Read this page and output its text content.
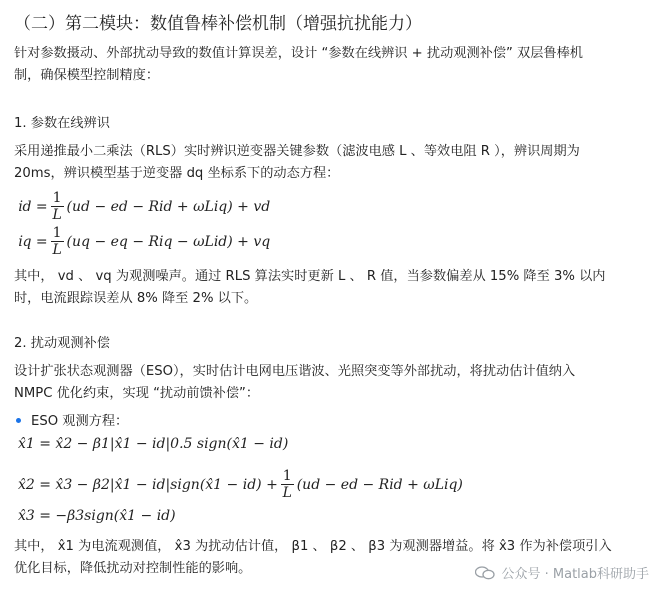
（二）第二模块：数值鲁棒补偿机制（增强抗扰能力）
针对参数摄动、外部扰动导致的数值计算误差，设计 “参数在线辨识 + 扰动观测补偿” 双层鲁棒机
制，确保模型控制精度：
1. 参数在线辨识
采用递推最小二乘法（RLS）实时辨识逆变器关键参数（滤波电感 L 、等效电阻 R ），辨识周期为
20ms，辨识模型基于逆变器 dq 坐标系下的动态方程：
i̇d = $\frac{1}{L} (ud$ − ed − Rid + ωLiq) + vd
i̇q = $\frac{1}{L} (uq$ − eq − Riq − ωLid) + vq
其中， vd 、 vq 为观测噪声。通过 RLS 算法实时更新 L 、 R 值，当参数偏差从 15% 降至 3% 以内
时，电流跟踪误差从 8% 降至 2% 以下。
2. 扰动观测补偿
设计扩张状态观测器（ESO），实时估计电网电压谐波、光照突变等外部扰动，将扰动估计值纳入
NMPC 优化约束，实现 “扰动前馈补偿”：
ESO 观测方程：
x̂1 = x̂2 − β1|x̂1 − id|0.5 sign(x̂1 − id)
x̂2 = x̂3 − β2|x̂1 − id|sign(x̂1 − $id) + \frac{1}{L} (ud$ − ed − Rid + ωLiq)
x̂3 = −β3sign(x̂1 − id)
其中， x̂1 为电流观测值， x̂3 为扰动估计值， β1 、 β2 、 β3 为观测器增益。将 x̂3 作为补偿项引入
优化目标，降低扰动对控制性能的影响。	公众号 · Matlab科研助手
